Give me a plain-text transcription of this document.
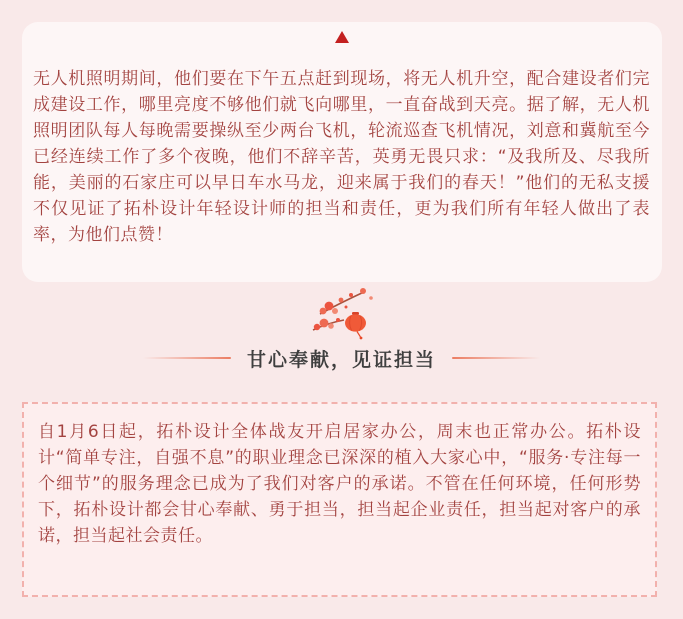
无人机照明期间，他们要在下午五点赶到现场，将无人机升空，配合建设者们完成建设工作，哪里亮度不够他们就飞向哪里，一直奋战到天亮。据了解，无人机照明团队每人每晚需要操纵至少两台飞机，轮流巡查飞机情况，刘意和冀航至今已经连续工作了多个夜晚，他们不辞辛苦，英勇无畏只求：“及我所及、尽我所能，美丽的石家庄可以早日车水马龙，迎来属于我们的春天！”他们的无私支援不仅见证了拓朴设计年轻设计师的担当和责任，更为我们所有年轻人做出了表率，为他们点赞！

甘心奉献，见证担当

自1月6日起，拓朴设计全体战友开启居家办公，周末也正常办公。拓朴设计“简单专注，自强不息”的职业理念已深深的植入大家心中，“服务·专注每一个细节”的服务理念已成为了我们对客户的承诺。不管在任何环境，任何形势下，拓朴设计都会甘心奉献、勇于担当，担当起企业责任，担当起对客户的承诺，担当起社会责任。
